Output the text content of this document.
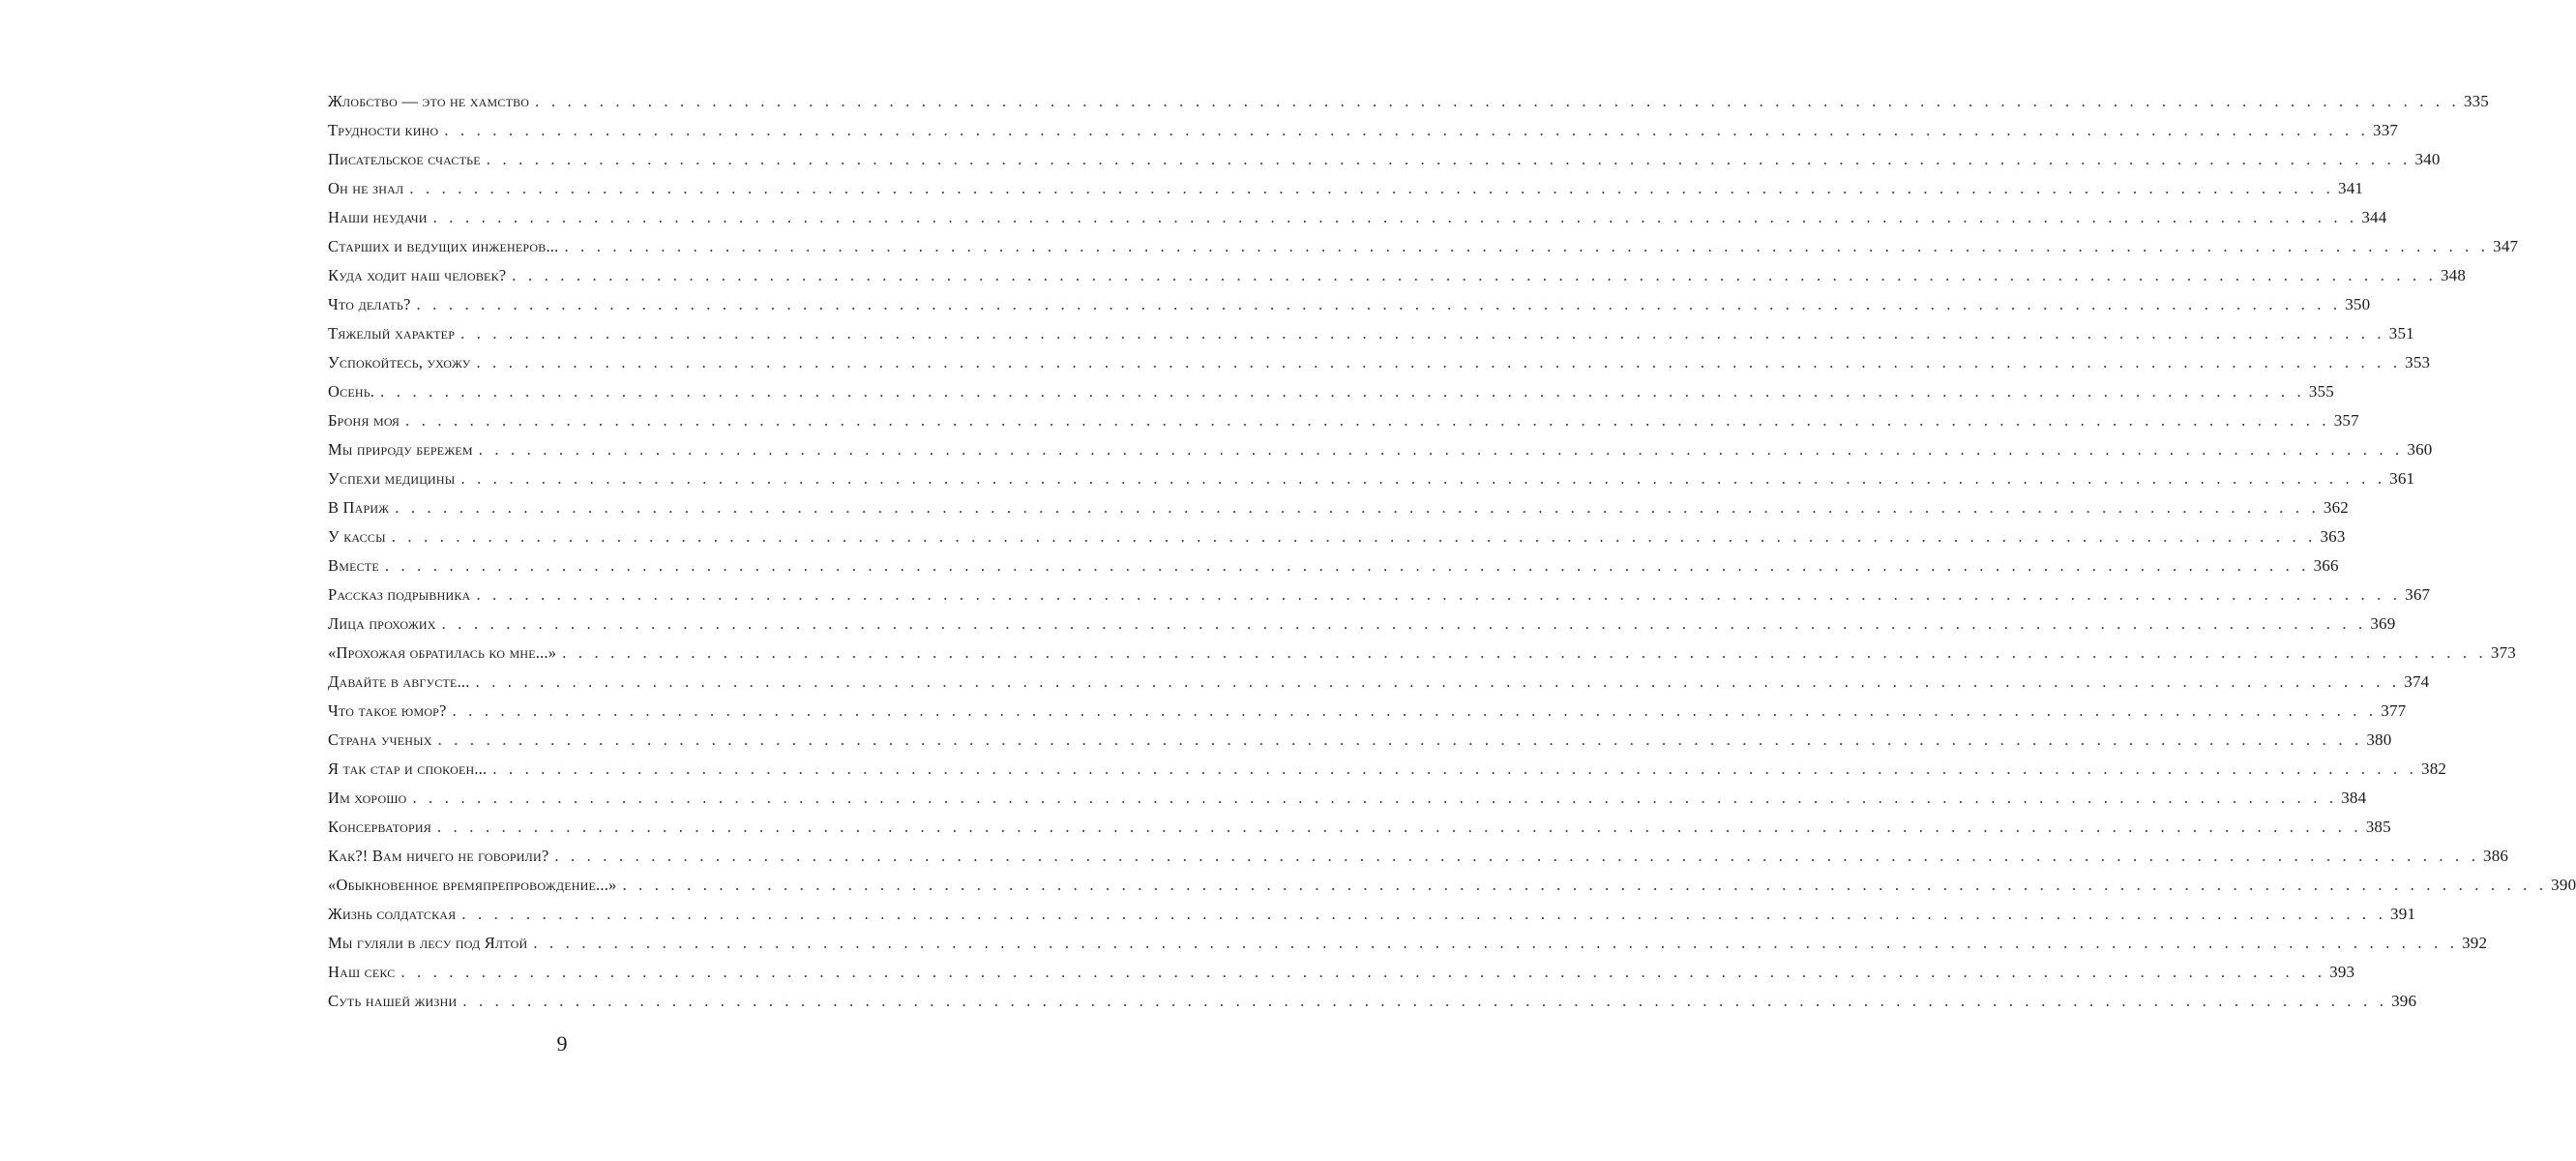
Жлобство — это не хамство . . . . . . . . . . . . . . . . . . . . . . . . . . . . . . . . . . . . . . . . . . . . . . . . . . . . . . . . . . . . . . . . . . . . . . . . . . . . . . . . . . . . . . . . . . . . . . . . . . . . . . . . . . . . . . . . . . . . . . . . 335
Трудности кино . . . . . . . . . . . . . . . . . . . . . . . . . . . . . . . . . . . . . . . . . . . . . . . . . . . . . . . . . . . . . . . . . . . . . . . . . . . . . . . . . . . . . . . . . . . . . . . . . . . . . . . . . . . . . . . . . . . . . . . . 337
Писательское счастье . . . . . . . . . . . . . . . . . . . . . . . . . . . . . . . . . . . . . . . . . . . . . . . . . . . . . . . . . . . . . . . . . . . . . . . . . . . . . . . . . . . . . . . . . . . . . . . . . . . . . . . . . . . . . . . . . . . . . . . . 340
Он не знал . . . . . . . . . . . . . . . . . . . . . . . . . . . . . . . . . . . . . . . . . . . . . . . . . . . . . . . . . . . . . . . . . . . . . . . . . . . . . . . . . . . . . . . . . . . . . . . . . . . . . . . . . . . . . . . . . . . . . . . . 341
Наши неудачи . . . . . . . . . . . . . . . . . . . . . . . . . . . . . . . . . . . . . . . . . . . . . . . . . . . . . . . . . . . . . . . . . . . . . . . . . . . . . . . . . . . . . . . . . . . . . . . . . . . . . . . . . . . . . . . . . . . . . . . . 344
Старших и ведущих инженеров... . . . . . . . . . . . . . . . . . . . . . . . . . . . . . . . . . . . . . . . . . . . . . . . . . . . . . . . . . . . . . . . . . . . . . . . . . . . . . . . . . . . . . . . . . . . . . . . . . . . . . . . . . . . . . . . . . . . . . . . . 347
Куда ходит наш человек? . . . . . . . . . . . . . . . . . . . . . . . . . . . . . . . . . . . . . . . . . . . . . . . . . . . . . . . . . . . . . . . . . . . . . . . . . . . . . . . . . . . . . . . . . . . . . . . . . . . . . . . . . . . . . . . . . . . . . . . . 348
Что делать? . . . . . . . . . . . . . . . . . . . . . . . . . . . . . . . . . . . . . . . . . . . . . . . . . . . . . . . . . . . . . . . . . . . . . . . . . . . . . . . . . . . . . . . . . . . . . . . . . . . . . . . . . . . . . . . . . . . . . . . . 350
Тяжелый характер . . . . . . . . . . . . . . . . . . . . . . . . . . . . . . . . . . . . . . . . . . . . . . . . . . . . . . . . . . . . . . . . . . . . . . . . . . . . . . . . . . . . . . . . . . . . . . . . . . . . . . . . . . . . . . . . . . . . . . . . 351
Успокойтесь, ухожу . . . . . . . . . . . . . . . . . . . . . . . . . . . . . . . . . . . . . . . . . . . . . . . . . . . . . . . . . . . . . . . . . . . . . . . . . . . . . . . . . . . . . . . . . . . . . . . . . . . . . . . . . . . . . . . . . . . . . . . . 353
Осень. . . . . . . . . . . . . . . . . . . . . . . . . . . . . . . . . . . . . . . . . . . . . . . . . . . . . . . . . . . . . . . . . . . . . . . . . . . . . . . . . . . . . . . . . . . . . . . . . . . . . . . . . . . . . . . . . . . . . . . . . 355
Броня моя . . . . . . . . . . . . . . . . . . . . . . . . . . . . . . . . . . . . . . . . . . . . . . . . . . . . . . . . . . . . . . . . . . . . . . . . . . . . . . . . . . . . . . . . . . . . . . . . . . . . . . . . . . . . . . . . . . . . . . . . 357
Мы природу бережем . . . . . . . . . . . . . . . . . . . . . . . . . . . . . . . . . . . . . . . . . . . . . . . . . . . . . . . . . . . . . . . . . . . . . . . . . . . . . . . . . . . . . . . . . . . . . . . . . . . . . . . . . . . . . . . . . . . . . . . . 360
Успехи медицины . . . . . . . . . . . . . . . . . . . . . . . . . . . . . . . . . . . . . . . . . . . . . . . . . . . . . . . . . . . . . . . . . . . . . . . . . . . . . . . . . . . . . . . . . . . . . . . . . . . . . . . . . . . . . . . . . . . . . . . . 361
В Париж . . . . . . . . . . . . . . . . . . . . . . . . . . . . . . . . . . . . . . . . . . . . . . . . . . . . . . . . . . . . . . . . . . . . . . . . . . . . . . . . . . . . . . . . . . . . . . . . . . . . . . . . . . . . . . . . . . . . . . . . 362
У кассы . . . . . . . . . . . . . . . . . . . . . . . . . . . . . . . . . . . . . . . . . . . . . . . . . . . . . . . . . . . . . . . . . . . . . . . . . . . . . . . . . . . . . . . . . . . . . . . . . . . . . . . . . . . . . . . . . . . . . . . . 363
Вместе . . . . . . . . . . . . . . . . . . . . . . . . . . . . . . . . . . . . . . . . . . . . . . . . . . . . . . . . . . . . . . . . . . . . . . . . . . . . . . . . . . . . . . . . . . . . . . . . . . . . . . . . . . . . . . . . . . . . . . . . 366
Рассказ подрывника . . . . . . . . . . . . . . . . . . . . . . . . . . . . . . . . . . . . . . . . . . . . . . . . . . . . . . . . . . . . . . . . . . . . . . . . . . . . . . . . . . . . . . . . . . . . . . . . . . . . . . . . . . . . . . . . . . . . . . . . 367
Лица прохожих . . . . . . . . . . . . . . . . . . . . . . . . . . . . . . . . . . . . . . . . . . . . . . . . . . . . . . . . . . . . . . . . . . . . . . . . . . . . . . . . . . . . . . . . . . . . . . . . . . . . . . . . . . . . . . . . . . . . . . . . 369
«Прохожая обратилась ко мне...» . . . . . . . . . . . . . . . . . . . . . . . . . . . . . . . . . . . . . . . . . . . . . . . . . . . . . . . . . . . . . . . . . . . . . . . . . . . . . . . . . . . . . . . . . . . . . . . . . . . . . . . . . . . . . . . . . . . . . . . . 373
Давайте в августе... . . . . . . . . . . . . . . . . . . . . . . . . . . . . . . . . . . . . . . . . . . . . . . . . . . . . . . . . . . . . . . . . . . . . . . . . . . . . . . . . . . . . . . . . . . . . . . . . . . . . . . . . . . . . . . . . . . . . . . . . 374
Что такое юмор? . . . . . . . . . . . . . . . . . . . . . . . . . . . . . . . . . . . . . . . . . . . . . . . . . . . . . . . . . . . . . . . . . . . . . . . . . . . . . . . . . . . . . . . . . . . . . . . . . . . . . . . . . . . . . . . . . . . . . . . . 377
Страна ученых . . . . . . . . . . . . . . . . . . . . . . . . . . . . . . . . . . . . . . . . . . . . . . . . . . . . . . . . . . . . . . . . . . . . . . . . . . . . . . . . . . . . . . . . . . . . . . . . . . . . . . . . . . . . . . . . . . . . . . . . 380
Я так стар и спокоен... . . . . . . . . . . . . . . . . . . . . . . . . . . . . . . . . . . . . . . . . . . . . . . . . . . . . . . . . . . . . . . . . . . . . . . . . . . . . . . . . . . . . . . . . . . . . . . . . . . . . . . . . . . . . . . . . . . . . . . . . 382
Им хорошо . . . . . . . . . . . . . . . . . . . . . . . . . . . . . . . . . . . . . . . . . . . . . . . . . . . . . . . . . . . . . . . . . . . . . . . . . . . . . . . . . . . . . . . . . . . . . . . . . . . . . . . . . . . . . . . . . . . . . . . . 384
Консерватория . . . . . . . . . . . . . . . . . . . . . . . . . . . . . . . . . . . . . . . . . . . . . . . . . . . . . . . . . . . . . . . . . . . . . . . . . . . . . . . . . . . . . . . . . . . . . . . . . . . . . . . . . . . . . . . . . . . . . . . . 385
Как?! Вам ничего не говорили? . . . . . . . . . . . . . . . . . . . . . . . . . . . . . . . . . . . . . . . . . . . . . . . . . . . . . . . . . . . . . . . . . . . . . . . . . . . . . . . . . . . . . . . . . . . . . . . . . . . . . . . . . . . . . . . . . . . . . . . . 386
«Обыкновенное времяпрепровождение...» . . . . . . . . . . . . . . . . . . . . . . . . . . . . . . . . . . . . . . . . . . . . . . . . . . . . . . . . . . . . . . . . . . . . . . . . . . . . . . . . . . . . . . . . . . . . . . . . . . . . . . . . . . . . . . . . . . . . . . . . 390
Жизнь солдатская . . . . . . . . . . . . . . . . . . . . . . . . . . . . . . . . . . . . . . . . . . . . . . . . . . . . . . . . . . . . . . . . . . . . . . . . . . . . . . . . . . . . . . . . . . . . . . . . . . . . . . . . . . . . . . . . . . . . . . . . 391
Мы гуляли в лесу под Ялтой . . . . . . . . . . . . . . . . . . . . . . . . . . . . . . . . . . . . . . . . . . . . . . . . . . . . . . . . . . . . . . . . . . . . . . . . . . . . . . . . . . . . . . . . . . . . . . . . . . . . . . . . . . . . . . . . . . . . . . . . 392
Наш секс . . . . . . . . . . . . . . . . . . . . . . . . . . . . . . . . . . . . . . . . . . . . . . . . . . . . . . . . . . . . . . . . . . . . . . . . . . . . . . . . . . . . . . . . . . . . . . . . . . . . . . . . . . . . . . . . . . . . . . . . 393
Суть нашей жизни . . . . . . . . . . . . . . . . . . . . . . . . . . . . . . . . . . . . . . . . . . . . . . . . . . . . . . . . . . . . . . . . . . . . . . . . . . . . . . . . . . . . . . . . . . . . . . . . . . . . . . . . . . . . . . . . . . . . . . . . 396
9
